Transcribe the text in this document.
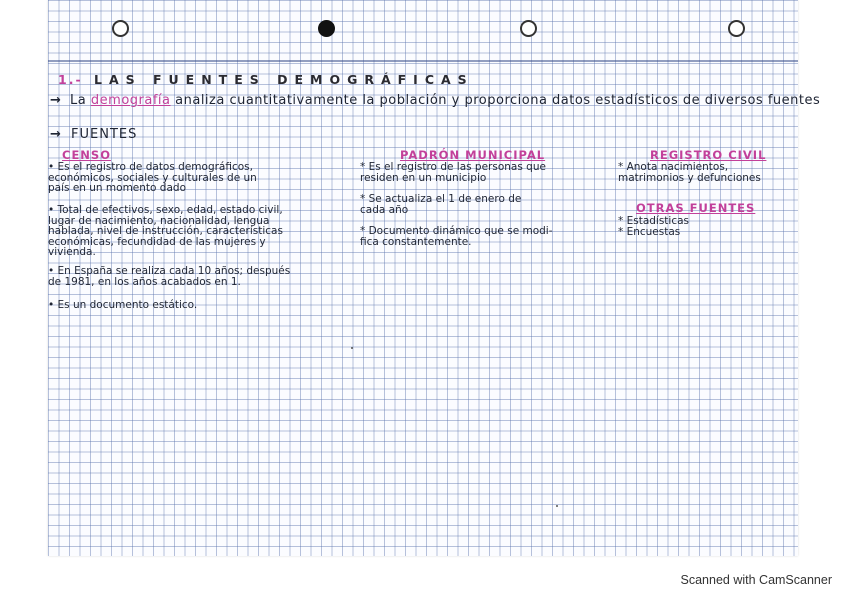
1.- LAS FUENTES DEMOGRÁFICAS
→ La demografía analiza cuantitativamente la población y proporciona datos estadísticos de diversos fuentes
→ FUENTES
CENSO
• Es el registro de datos demográficos,
económicos, sociales y culturales de un
país en un momento dado
• Total de efectivos, sexo, edad, estado civil,
lugar de nacimiento, nacionalidad, lengua
hablada, nivel de instrucción, características
económicas, fecundidad de las mujeres y
vivienda.
• En España se realiza cada 10 años; después
de 1981, en los años acabados en 1.
• Es un documento estático.
PADRÓN MUNICIPAL
* Es el registro de las personas que
residen en un municipio
* Se actualiza el 1 de enero de
cada año
* Documento dinámico que se modi-
fica constantemente.
REGISTRO CIVIL
* Anota nacimientos,
matrimonios y defunciones
OTRAS FUENTES
* Estadísticas
* Encuestas
Scanned with CamScanner
